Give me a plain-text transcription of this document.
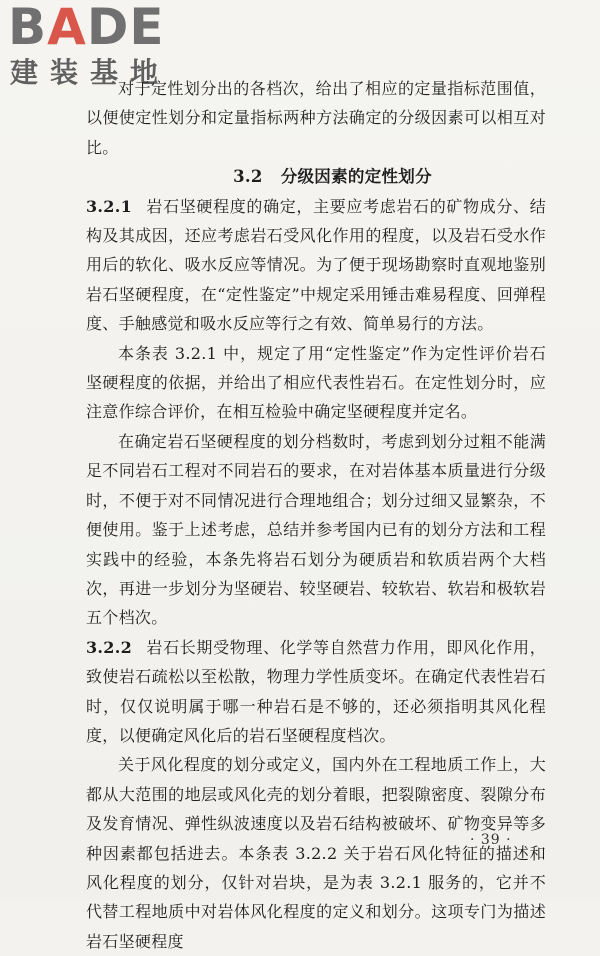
BADE
建装基地

对于定性划分出的各档次，给出了相应的定量指标范围值，以便使定性划分和定量指标两种方法确定的分级因素可以相互对比。

3.2 分级因素的定性划分

3.2.1 岩石坚硬程度的确定，主要应考虑岩石的矿物成分、结构及其成因，还应考虑岩石受风化作用的程度，以及岩石受水作用后的软化、吸水反应等情况。为了便于现场勘察时直观地鉴别岩石坚硬程度，在“定性鉴定”中规定采用锤击难易程度、回弹程度、手触感觉和吸水反应等行之有效、简单易行的方法。

本条表 3.2.1 中，规定了用“定性鉴定”作为定性评价岩石坚硬程度的依据，并给出了相应代表性岩石。在定性划分时，应注意作综合评价，在相互检验中确定坚硬程度并定名。

在确定岩石坚硬程度的划分档数时，考虑到划分过粗不能满足不同岩石工程对不同岩石的要求，在对岩体基本质量进行分级时，不便于对不同情况进行合理地组合；划分过细又显繁杂，不便使用。鉴于上述考虑，总结并参考国内已有的划分方法和工程实践中的经验，本条先将岩石划分为硬质岩和软质岩两个大档次，再进一步划分为坚硬岩、较坚硬岩、较软岩、软岩和极软岩五个档次。

3.2.2 岩石长期受物理、化学等自然营力作用，即风化作用，致使岩石疏松以至松散，物理力学性质变坏。在确定代表性岩石时，仅仅说明属于哪一种岩石是不够的，还必须指明其风化程度，以便确定风化后的岩石坚硬程度档次。

关于风化程度的划分或定义，国内外在工程地质工作上，大都从大范围的地层或风化壳的划分着眼，把裂隙密度、裂隙分布及发育情况、弹性纵波速度以及岩石结构被破坏、矿物变异等多种因素都包括进去。本条表 3.2.2 关于岩石风化特征的描述和风化程度的划分，仅针对岩块，是为表 3.2.1 服务的，它并不代替工程地质中对岩体风化程度的定义和划分。这项专门为描述岩石坚硬程度

· 39 ·
